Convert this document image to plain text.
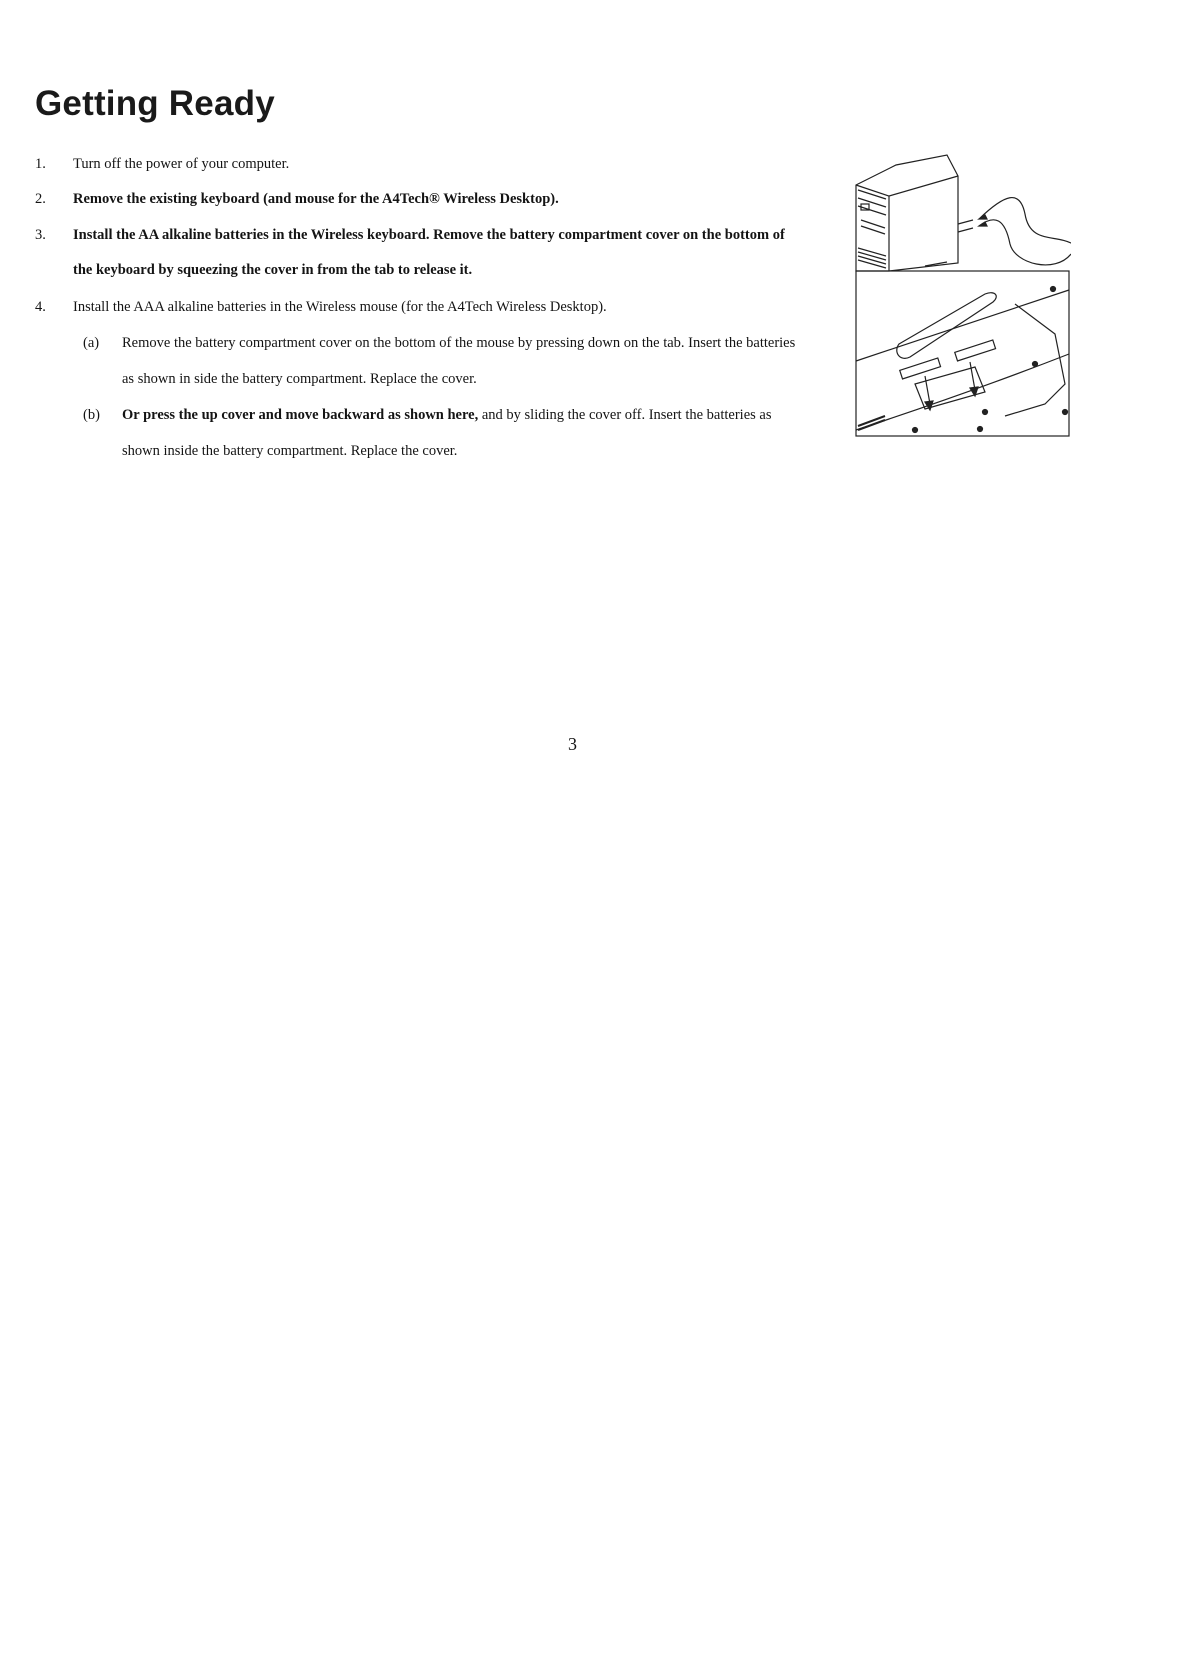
Getting Ready
1. Turn off the power of your computer.
2. Remove the existing keyboard (and mouse for the A4Tech® Wireless Desktop).
3. Install the AA alkaline batteries in the Wireless keyboard. Remove the battery compartment cover on the bottom of
the keyboard by squeezing the cover in from the tab to release it.
4. Install the AAA alkaline batteries in the Wireless mouse (for the A4Tech Wireless Desktop).
(a) Remove the battery compartment cover on the bottom of the mouse by pressing down on the tab. Insert the batteries
as shown in side the battery compartment. Replace the cover.
(b) Or press the up cover and move backward as shown here, and by sliding the cover off. Insert the batteries as
shown inside the battery compartment. Replace the cover.
3
